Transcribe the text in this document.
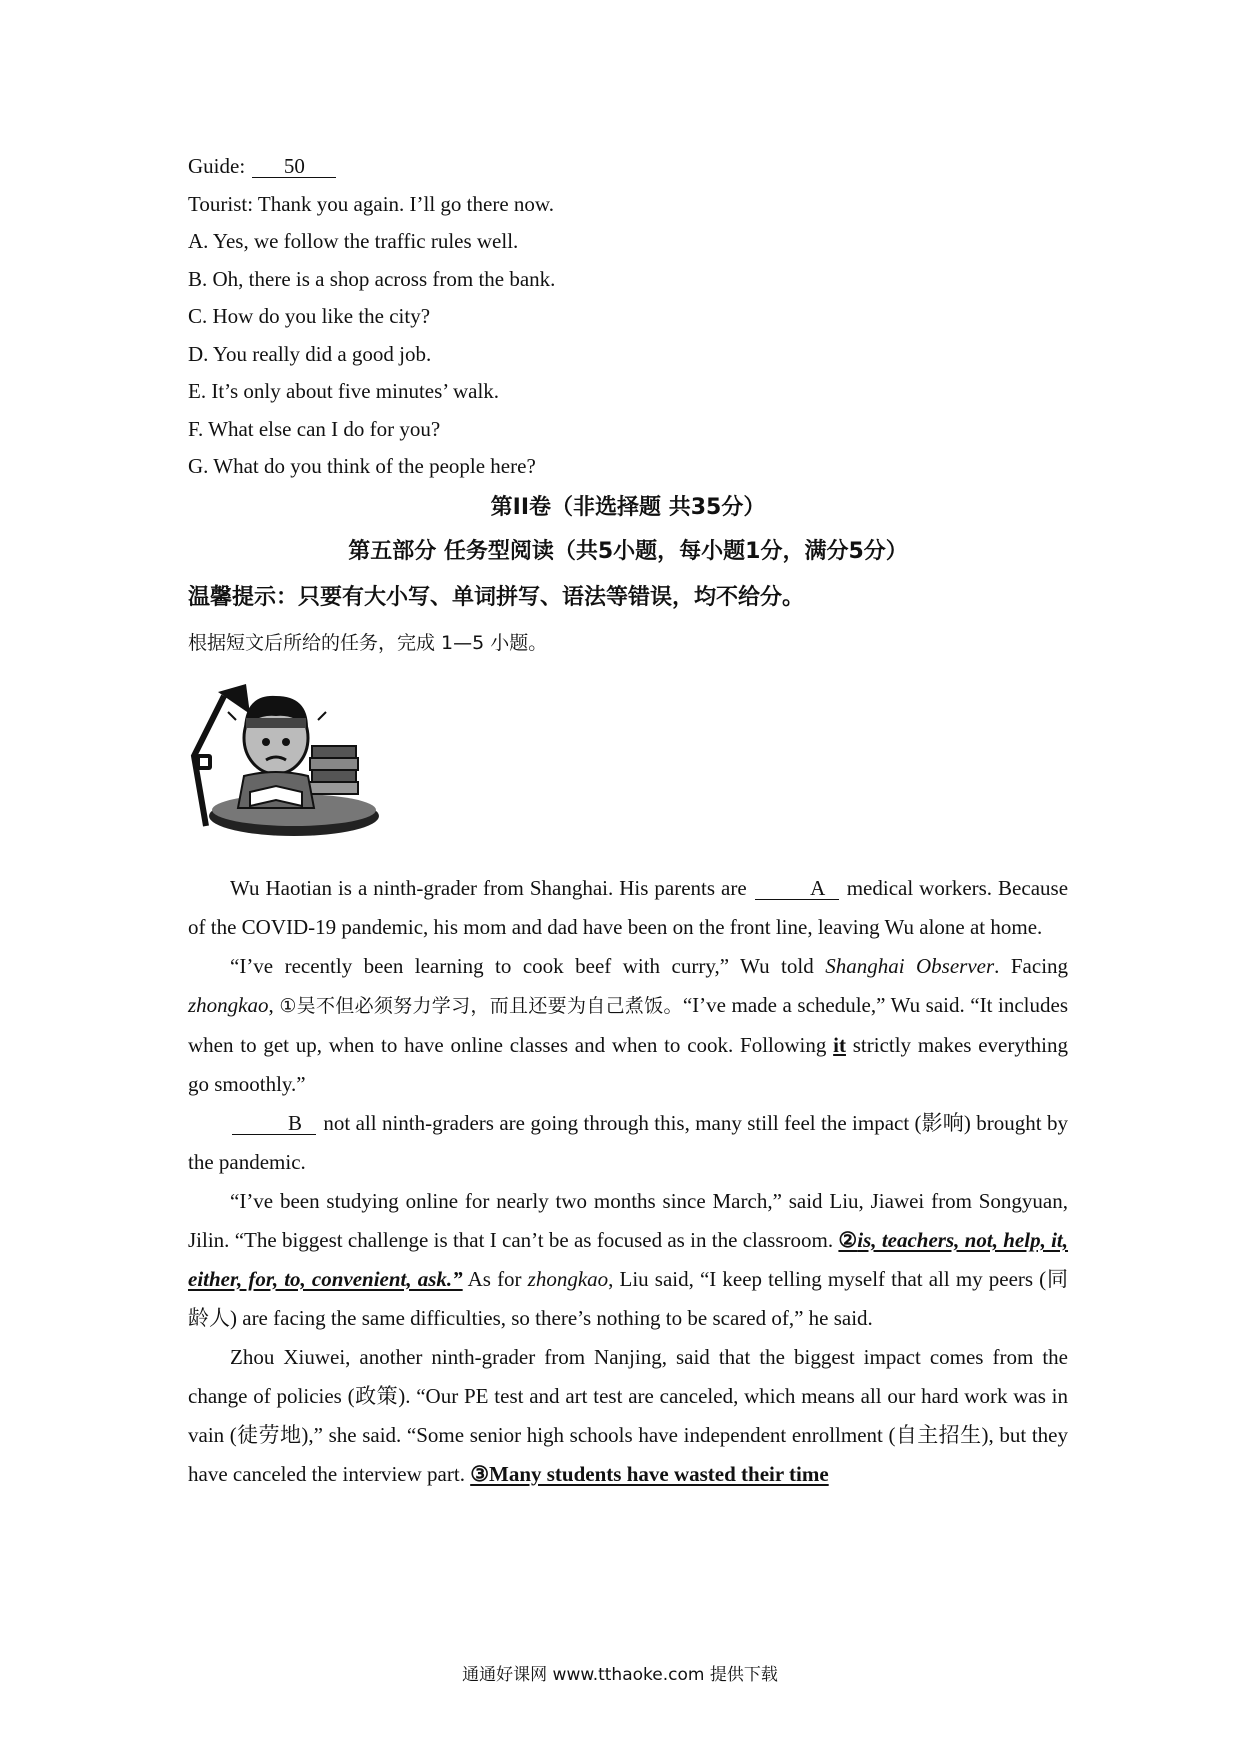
Guide: 50
Tourist: Thank you again. I’ll go there now.
A. Yes, we follow the traffic rules well.
B. Oh, there is a shop across from the bank.
C. How do you like the city?
D. You really did a good job.
E. It’s only about five minutes’ walk.
F. What else can I do for you?
G. What do you think of the people here?
第II卷（非选择题 共35分）
第五部分 任务型阅读（共5小题，每小题1分，满分5分）
温馨提示：只要有大小写、单词拼写、语法等错误，均不给分。
根据短文后所给的任务，完成 1—5 小题。

Wu Haotian is a ninth-grader from Shanghai. His parents are	A medical workers. Because of the COVID-19 pandemic, his mom and dad have been on the front line, leaving Wu alone at home.

“I’ve recently been learning to cook beef with curry,” Wu told Shanghai Observer. Facing zhongkao, ①吴不但必须努力学习，而且还要为自己煮饭。“I’ve made a schedule,” Wu said. “It includes when to get up, when to have online classes and when to cook. Following it strictly makes everything go smoothly.”

B not all ninth-graders are going through this, many still feel the impact (影响) brought by the pandemic.

“I’ve been studying online for nearly two months since March,” said Liu, Jiawei from Songyuan, Jilin. “The biggest challenge is that I can’t be as focused as in the classroom. ②is, teachers, not, help, it, either, for, to, convenient, ask.” As for zhongkao, Liu said, “I keep telling myself that all my peers (同龄人) are facing the same difficulties, so there’s nothing to be scared of,” he said.

Zhou Xiuwei, another ninth-grader from Nanjing, said that the biggest impact comes from the change of policies (政策). “Our PE test and art test are canceled, which means all our hard work was in vain (徒劳地),” she said. “Some senior high schools have independent enrollment (自主招生), but they have canceled the interview part. ③Many students have wasted their time

通通好课网 www.tthaoke.com 提供下载
